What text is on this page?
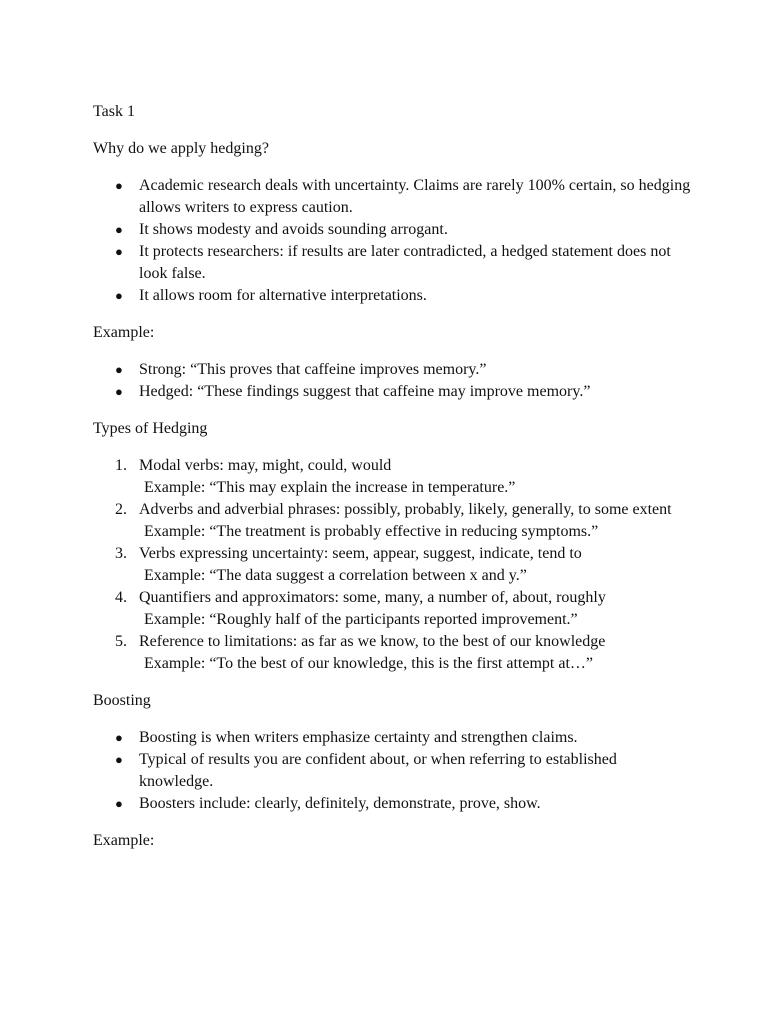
Task 1

Why do we apply hedging?

● Academic research deals with uncertainty. Claims are rarely 100% certain, so hedging allows writers to express caution.
● It shows modesty and avoids sounding arrogant.
● It protects researchers: if results are later contradicted, a hedged statement does not look false.
● It allows room for alternative interpretations.

Example:

● Strong: “This proves that caffeine improves memory.”
● Hedged: “These findings suggest that caffeine may improve memory.”

Types of Hedging

1. Modal verbs: may, might, could, would
Example: “This may explain the increase in temperature.”
2. Adverbs and adverbial phrases: possibly, probably, likely, generally, to some extent
Example: “The treatment is probably effective in reducing symptoms.”
3. Verbs expressing uncertainty: seem, appear, suggest, indicate, tend to
Example: “The data suggest a correlation between x and y.”
4. Quantifiers and approximators: some, many, a number of, about, roughly
Example: “Roughly half of the participants reported improvement.”
5. Reference to limitations: as far as we know, to the best of our knowledge
Example: “To the best of our knowledge, this is the first attempt at…”

Boosting

● Boosting is when writers emphasize certainty and strengthen claims.
● Typical of results you are confident about, or when referring to established knowledge.
● Boosters include: clearly, definitely, demonstrate, prove, show.

Example:
